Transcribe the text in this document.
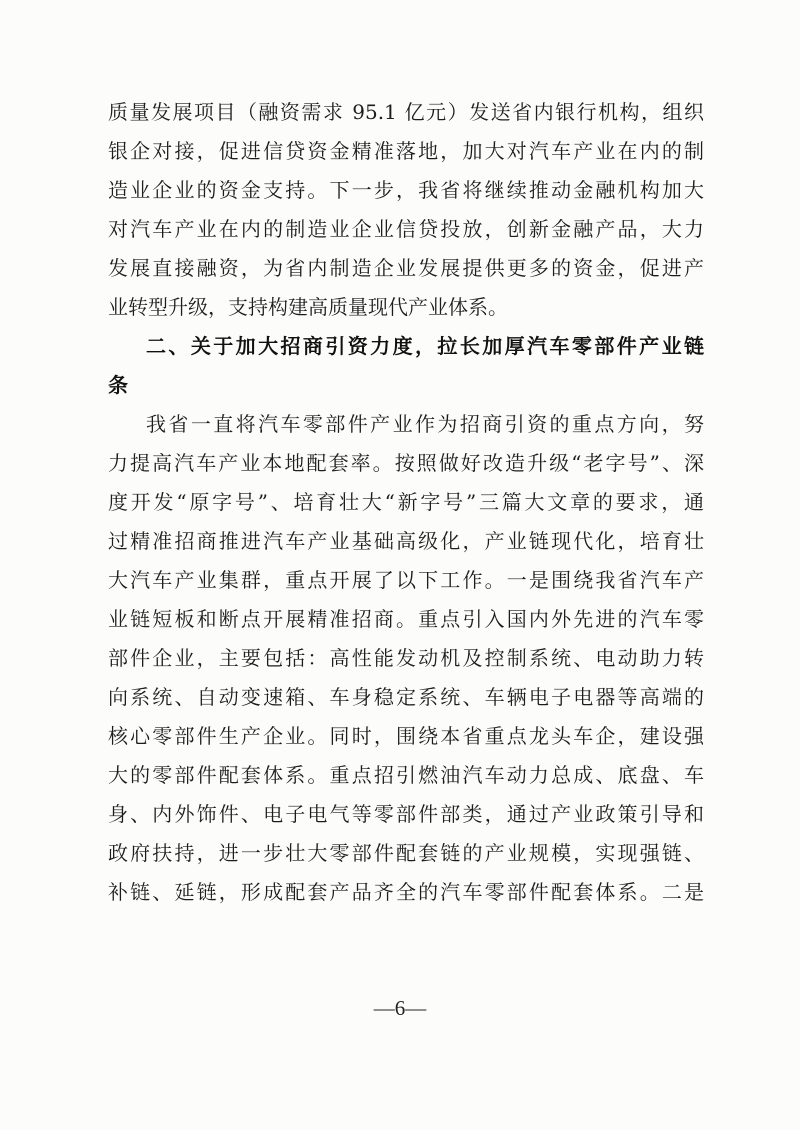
质量发展项目（融资需求 95.1 亿元）发送省内银行机构，组织
银企对接，促进信贷资金精准落地，加大对汽车产业在内的制
造业企业的资金支持。下一步，我省将继续推动金融机构加大
对汽车产业在内的制造业企业信贷投放，创新金融产品，大力
发展直接融资，为省内制造企业发展提供更多的资金，促进产
业转型升级，支持构建高质量现代产业体系。
二、关于加大招商引资力度，拉长加厚汽车零部件产业链
条
我省一直将汽车零部件产业作为招商引资的重点方向，努
力提高汽车产业本地配套率。按照做好改造升级“老字号”、深
度开发“原字号”、培育壮大“新字号”三篇大文章的要求，通
过精准招商推进汽车产业基础高级化，产业链现代化，培育壮
大汽车产业集群，重点开展了以下工作。一是围绕我省汽车产
业链短板和断点开展精准招商。重点引入国内外先进的汽车零
部件企业，主要包括：高性能发动机及控制系统、电动助力转
向系统、自动变速箱、车身稳定系统、车辆电子电器等高端的
核心零部件生产企业。同时，围绕本省重点龙头车企，建设强
大的零部件配套体系。重点招引燃油汽车动力总成、底盘、车
身、内外饰件、电子电气等零部件部类，通过产业政策引导和
政府扶持，进一步壮大零部件配套链的产业规模，实现强链、
补链、延链，形成配套产品齐全的汽车零部件配套体系。二是
—6—
